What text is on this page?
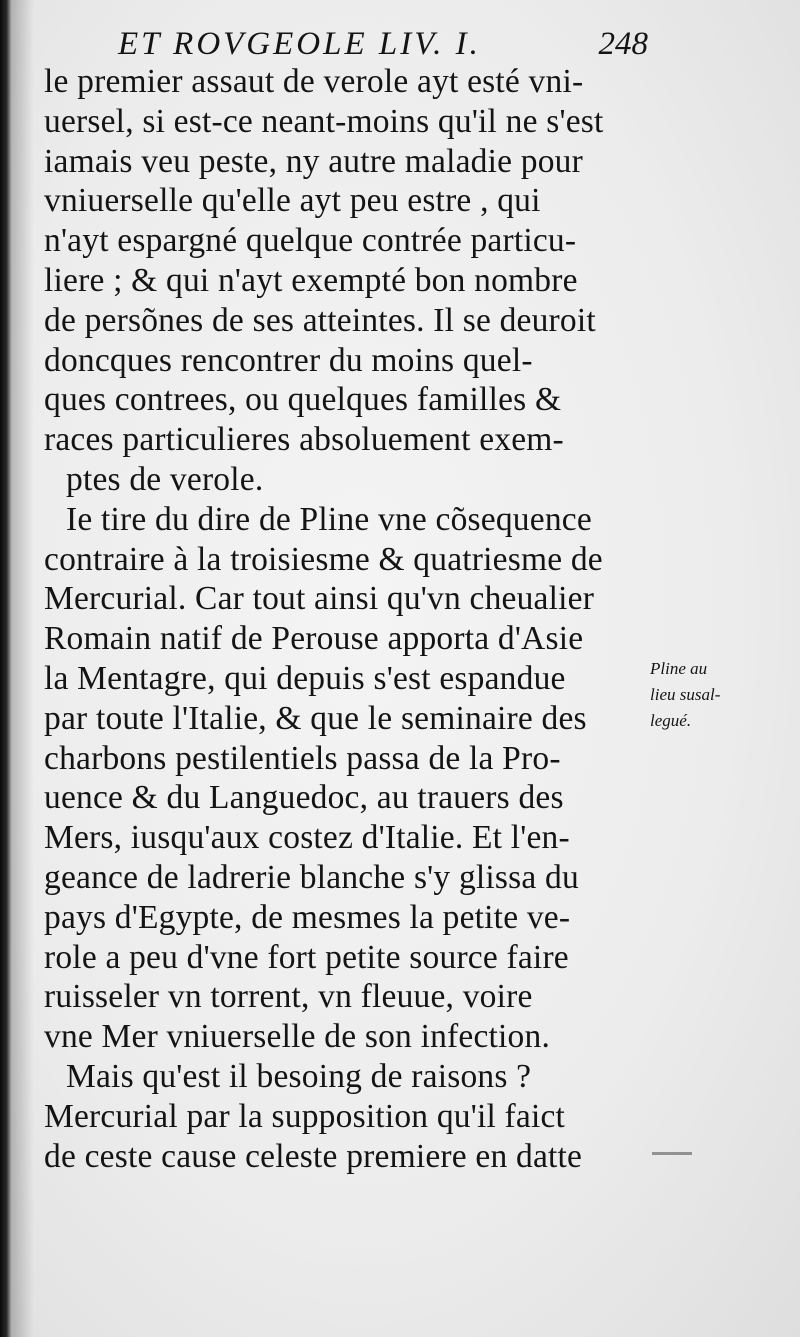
ET ROVGEOLE LIV. I.	248
le premier assaut de verole ayt esté vni-
uersel, si est-ce neant-moins qu'il ne s'est
iamais veu peste, ny autre maladie pour
vniuerselle qu'elle ayt peu estre , qui
n'ayt espargné quelque contrée particu-
liere ; & qui n'ayt exempté bon nombre
de persõnes de ses atteintes. Il se deuroit
doncques rencontrer du moins quel-
ques contrees, ou quelques familles &
races particulieres absoluement exem-
ptes de verole.
Ie tire du dire de Pline vne cõsequence
contraire à la troisiesme & quatriesme de
Mercurial. Car tout ainsi qu'vn cheualier
Romain natif de Perouse apporta d'Asie
la Mentagre, qui depuis s'est espandue
par toute l'Italie, & que le seminaire des
charbons pestilentiels passa de la Pro-
uence & du Languedoc, au trauers des
Mers, iusqu'aux costez d'Italie. Et l'en-
geance de ladrerie blanche s'y glissa du
pays d'Egypte, de mesmes la petite ve-
role a peu d'vne fort petite source faire
ruisseler vn torrent, vn fleuue, voire
vne Mer vniuerselle de son infection.
Mais qu'est il besoing de raisons ?
Mercurial par la supposition qu'il faict
de ceste cause celeste premiere en datte
Pline au
lieu susal-
legué.
